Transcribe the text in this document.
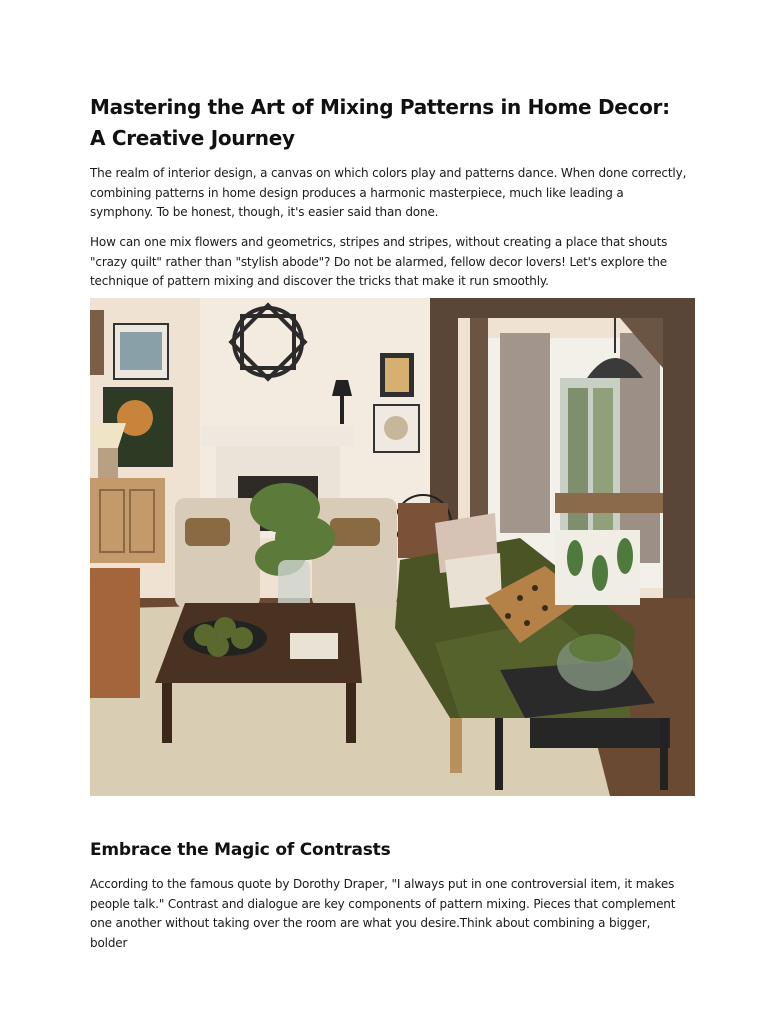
Mastering the Art of Mixing Patterns in Home Decor: A Creative Journey

The realm of interior design, a canvas on which colors play and patterns dance. When done correctly, combining patterns in home design produces a harmonic masterpiece, much like leading a symphony. To be honest, though, it's easier said than done.

How can one mix flowers and geometrics, stripes and stripes, without creating a place that shouts "crazy quilt" rather than "stylish abode"? Do not be alarmed, fellow decor lovers! Let's explore the technique of pattern mixing and discover the tricks that make it run smoothly.

Embrace the Magic of Contrasts

According to the famous quote by Dorothy Draper, "I always put in one controversial item, it makes people talk." Contrast and dialogue are key components of pattern mixing. Pieces that complement one another without taking over the room are what you desire.Think about combining a bigger, bolder
